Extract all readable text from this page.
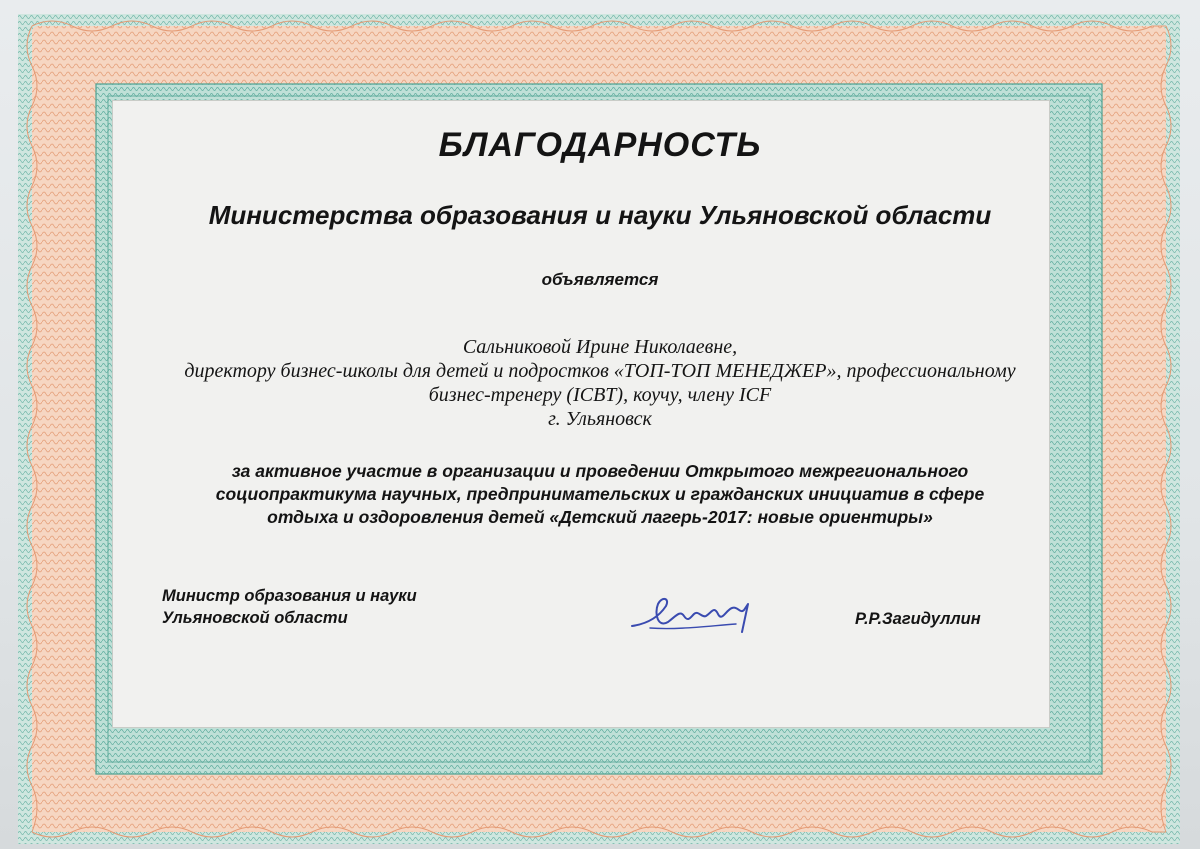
БЛАГОДАРНОСТЬ
Министерства образования и науки Ульяновской области
объявляется
Сальниковой Ирине Николаевне,
директору бизнес-школы для детей и подростков «ТОП-ТОП МЕНЕДЖЕР», профессиональному
бизнес-тренеру (ICBT), коучу, члену ICF
г. Ульяновск
за активное участие в организации и проведении Открытого межрегионального
социопрактикума научных, предпринимательских и гражданских инициатив в сфере
отдыха и оздоровления детей «Детский лагерь-2017: новые ориентиры»
Министр образования и науки
Ульяновской области	Р.Р.Загидуллин
